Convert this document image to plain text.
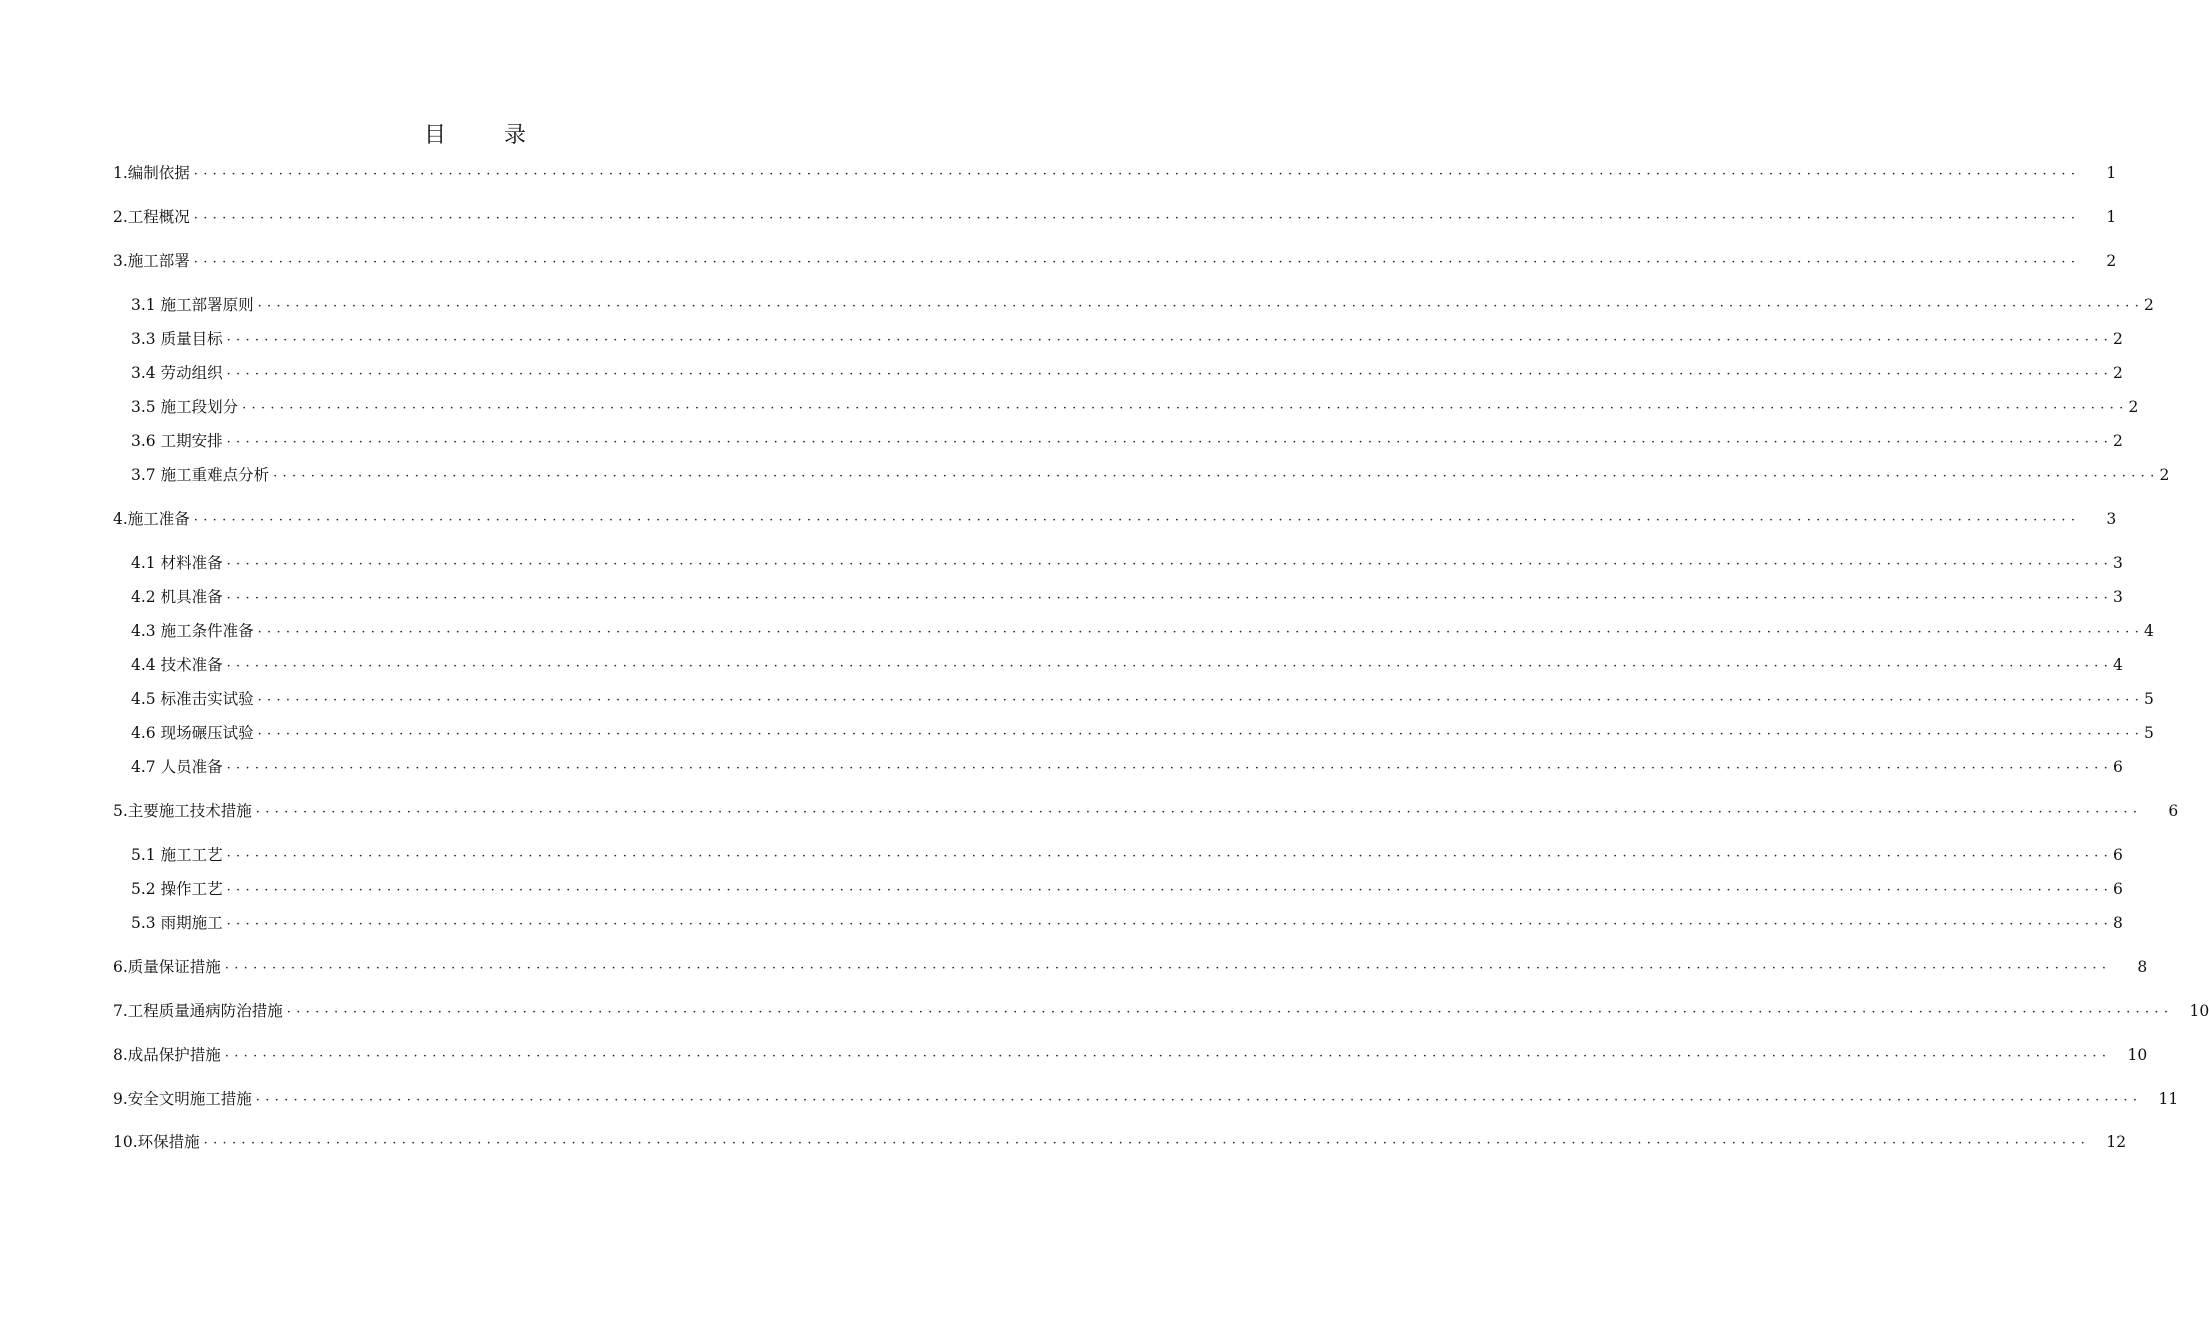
目　录
1.编制依据 ········································································································································································································	1
2.工程概况 ········································································································································································································	1
3.施工部署 ········································································································································································································	2
3.1 施工部署原则 ········································································································································································································ 2
3.3 质量目标 ········································································································································································································ 2
3.4 劳动组织 ········································································································································································································ 2
3.5 施工段划分 ········································································································································································································ 2
3.6 工期安排 ········································································································································································································ 2
3.7 施工重难点分析 ········································································································································································································ 2
4.施工准备 ········································································································································································································	3
4.1 材料准备 ········································································································································································································ 3
4.2 机具准备 ········································································································································································································ 3
4.3 施工条件准备 ········································································································································································································ 4
4.4 技术准备 ········································································································································································································ 4
4.5 标准击实试验 ········································································································································································································ 5
4.6 现场碾压试验 ········································································································································································································ 5
4.7 人员准备 ········································································································································································································ 6
5.主要施工技术措施 ········································································································································································································	6
5.1 施工工艺 ········································································································································································································ 6
5.2 操作工艺 ········································································································································································································ 6
5.3 雨期施工 ········································································································································································································ 8
6.质量保证措施 ········································································································································································································	8
7.工程质量通病防治措施 ········································································································································································································	10
8.成品保护措施 ········································································································································································································	10
9.安全文明施工措施 ········································································································································································································	11
10.环保措施 ········································································································································································································	12
